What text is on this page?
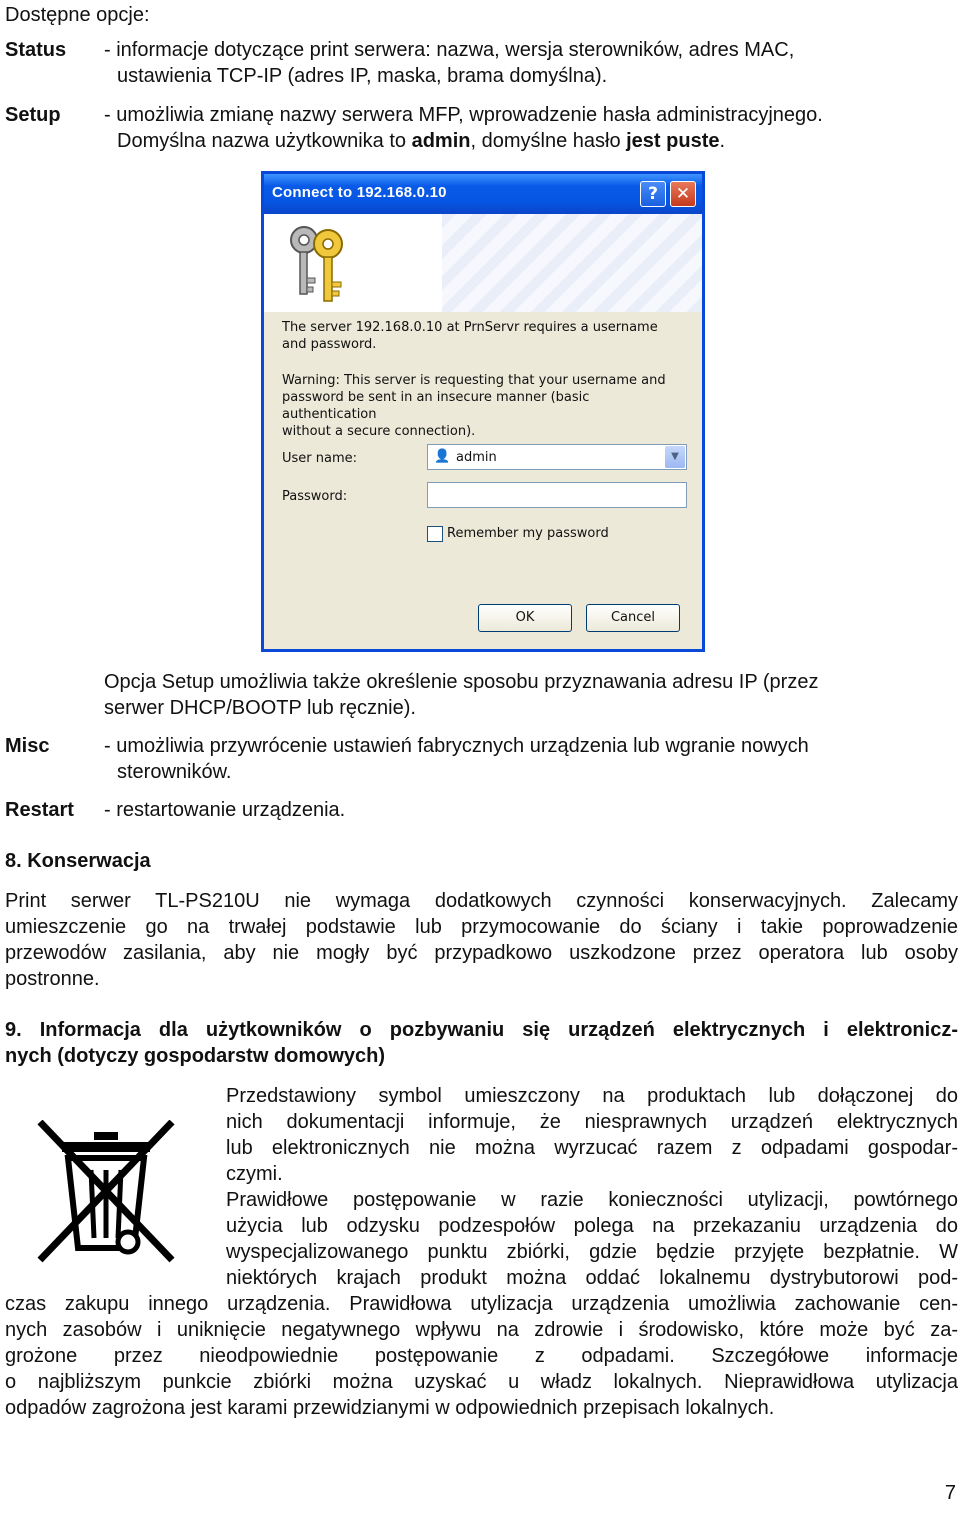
Dostępne opcje:
Status - informacje dotyczące print serwera: nazwa, wersja sterowników, adres MAC,
ustawienia TCP-IP (adres IP, maska, brama domyślna).
Setup - umożliwia zmianę nazwy serwera MFP, wprowadzenie hasła administracyjnego.
Domyślna nazwa użytkownika to admin, domyślne hasło jest puste.
Connect to 192.168.0.10	?	✕
The server 192.168.0.10 at PrnServr requires a username
and password.
Warning: This server is requesting that your username and
password be sent in an insecure manner (basic authentication
without a secure connection).
User name:	👤 admin	▼
Password:
Remember my password
OK	Cancel
Opcja Setup umożliwia także określenie sposobu przyznawania adresu IP (przez
serwer DHCP/BOOTP lub ręcznie).
Misc	- umożliwia przywrócenie ustawień fabrycznych urządzenia lub wgranie nowych
sterowników.
Restart - restartowanie urządzenia.
8. Konserwacja
Print serwer TL-PS210U nie wymaga dodatkowych czynności konserwacyjnych. Zalecamy
umieszczenie go na trwałej podstawie lub przymocowanie do ściany i takie poprowadzenie
przewodów zasilania, aby nie mogły być przypadkowo uszkodzone przez operatora lub osoby
postronne.
9. Informacja dla użytkowników o pozbywaniu się urządzeń elektrycznych i elektronicz-
nych (dotyczy gospodarstw domowych)
Przedstawiony symbol umieszczony na produktach lub dołączonej do
nich dokumentacji informuje, że niesprawnych urządzeń elektrycznych
lub elektronicznych nie można wyrzucać razem z odpadami gospodar-
czymi.
Prawidłowe postępowanie w razie konieczności utylizacji, powtórnego
użycia lub odzysku podzespołów polega na przekazaniu urządzenia do
wyspecjalizowanego punktu zbiórki, gdzie będzie przyjęte bezpłatnie. W
niektórych krajach produkt można oddać lokalnemu dystrybutorowi pod-
czas zakupu innego urządzenia. Prawidłowa utylizacja urządzenia umożliwia zachowanie cen-
nych zasobów i uniknięcie negatywnego wpływu na zdrowie i środowisko, które może być za-
grożone przez nieodpowiednie postępowanie z odpadami. Szczegółowe informacje
o najbliższym punkcie zbiórki można uzyskać u władz lokalnych. Nieprawidłowa utylizacja
odpadów zagrożona jest karami przewidzianymi w odpowiednich przepisach lokalnych.
7
